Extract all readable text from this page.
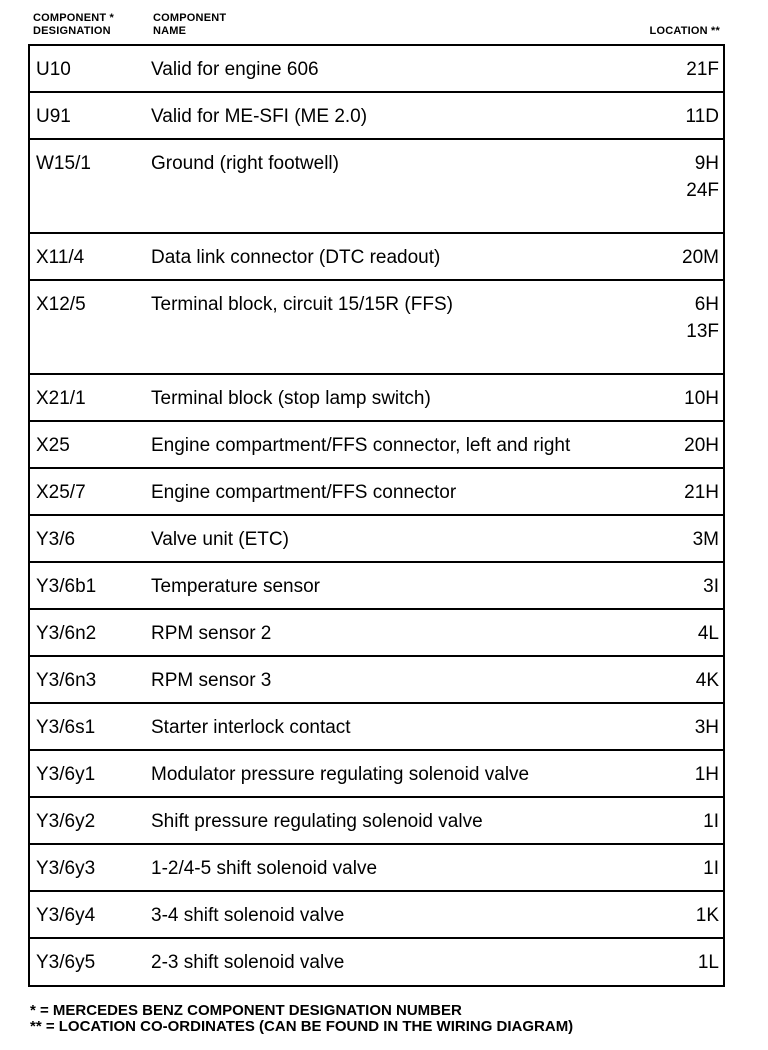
COMPONENT *
DESIGNATION
COMPONENT
NAME	LOCATION **
U10	Valid for engine 606	21F
U91	Valid for ME-SFI (ME 2.0)	11D
W15/1	Ground (right footwell)	9H
24F
X11/4	Data link connector (DTC readout)	20M
X12/5	Terminal block, circuit 15/15R (FFS)	6H
13F
X21/1	Terminal block (stop lamp switch)	10H
X25	Engine compartment/FFS connector, left and right	20H
X25/7	Engine compartment/FFS connector	21H
Y3/6	Valve unit (ETC)	3M
Y3/6b1	Temperature sensor	3I
Y3/6n2	RPM sensor 2	4L
Y3/6n3	RPM sensor 3	4K
Y3/6s1	Starter interlock contact	3H
Y3/6y1	Modulator pressure regulating solenoid valve	1H
Y3/6y2	Shift pressure regulating solenoid valve	1I
Y3/6y3	1-2/4-5 shift solenoid valve	1I
Y3/6y4	3-4 shift solenoid valve	1K
Y3/6y5	2-3 shift solenoid valve	1L
* = MERCEDES BENZ COMPONENT DESIGNATION NUMBER
** = LOCATION CO-ORDINATES (CAN BE FOUND IN THE WIRING DIAGRAM)
